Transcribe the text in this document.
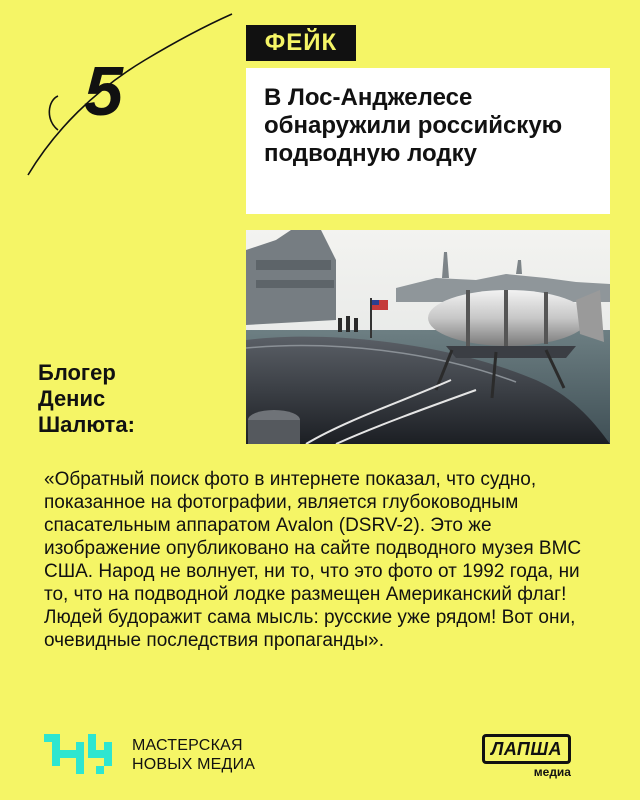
5
ФЕЙК
В Лос-Анджелесе обнаружили российскую подводную лодку
Блогер
Денис
Шалюта:

«Обратный поиск фото в интернете показал, что судно, показанное на фотографии, является глубоководным спасательным аппаратом Avalon (DSRV-2). Это же изображение опубликовано на сайте подводного музея ВМС США. Народ не волнует, ни то, что это фото от 1992 года, ни то, что на подводной лодке размещен Американский флаг! Людей будоражит сама мысль: русские уже рядом! Вот они, очевидные последствия пропаганды».

МАСТЕРСКАЯ
НОВЫХ МЕДИА
ЛАПША
медиа
